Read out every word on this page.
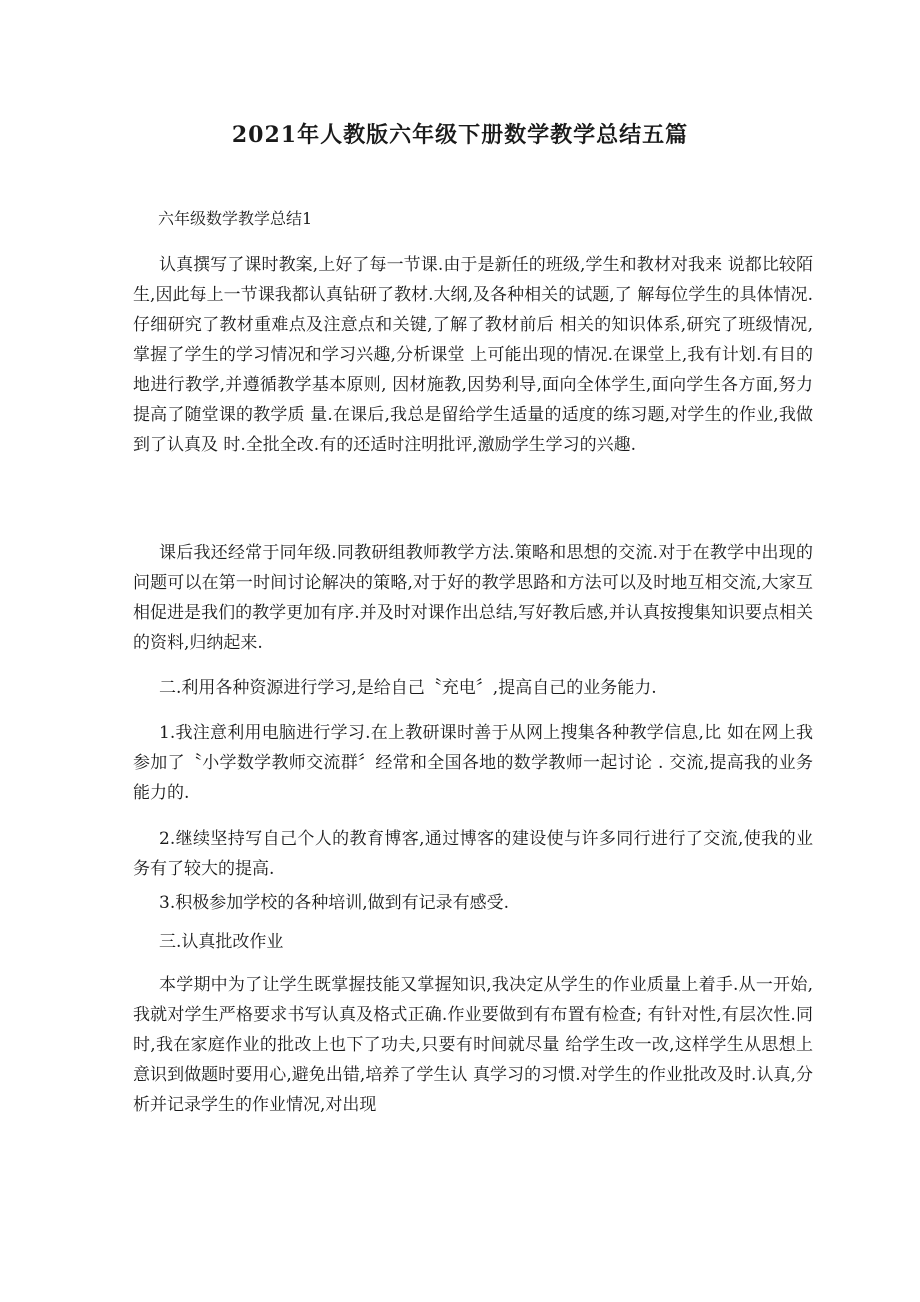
2021年人教版六年级下册数学教学总结五篇

六年级数学教学总结1

认真撰写了课时教案,上好了每一节课.由于是新任的班级,学生和教材对我来 说都比较陌生,因此每上一节课我都认真钻研了教材.大纲,及各种相关的试题,了 解每位学生的具体情况.仔细研究了教材重难点及注意点和关键,了解了教材前后 相关的知识体系,研究了班级情况,掌握了学生的学习情况和学习兴趣,分析课堂 上可能出现的情况.在课堂上,我有计划.有目的地进行教学,并遵循教学基本原则, 因材施教,因势利导,面向全体学生,面向学生各方面,努力提高了随堂课的教学质 量.在课后,我总是留给学生适量的适度的练习题,对学生的作业,我做到了认真及 时.全批全改.有的还适时注明批评,激励学生学习的兴趣.

课后我还经常于同年级.同教研组教师教学方法.策略和思想的交流.对于在教学中出现的问题可以在第一时间讨论解决的策略,对于好的教学思路和方法可以及时地互相交流,大家互相促进是我们的教学更加有序.并及时对课作出总结,写好教后感,并认真按搜集知识要点相关的资料,归纳起来.

二.利用各种资源进行学习,是给自己〝充电〞,提高自己的业务能力.

1.我注意利用电脑进行学习.在上教研课时善于从网上搜集各种教学信息,比 如在网上我参加了〝小学数学教师交流群〞经常和全国各地的数学教师一起讨论 . 交流,提高我的业务能力的.

2.继续坚持写自己个人的教育博客,通过博客的建设使与许多同行进行了交流,使我的业务有了较大的提高.

3.积极参加学校的各种培训,做到有记录有感受.

三.认真批改作业

本学期中为了让学生既掌握技能又掌握知识,我决定从学生的作业质量上着手.从一开始,我就对学生严格要求书写认真及格式正确.作业要做到有布置有检查; 有针对性,有层次性.同时,我在家庭作业的批改上也下了功夫,只要有时间就尽量 给学生改一改,这样学生从思想上意识到做题时要用心,避免出错,培养了学生认 真学习的习惯.对学生的作业批改及时.认真,分析并记录学生的作业情况,对出现
